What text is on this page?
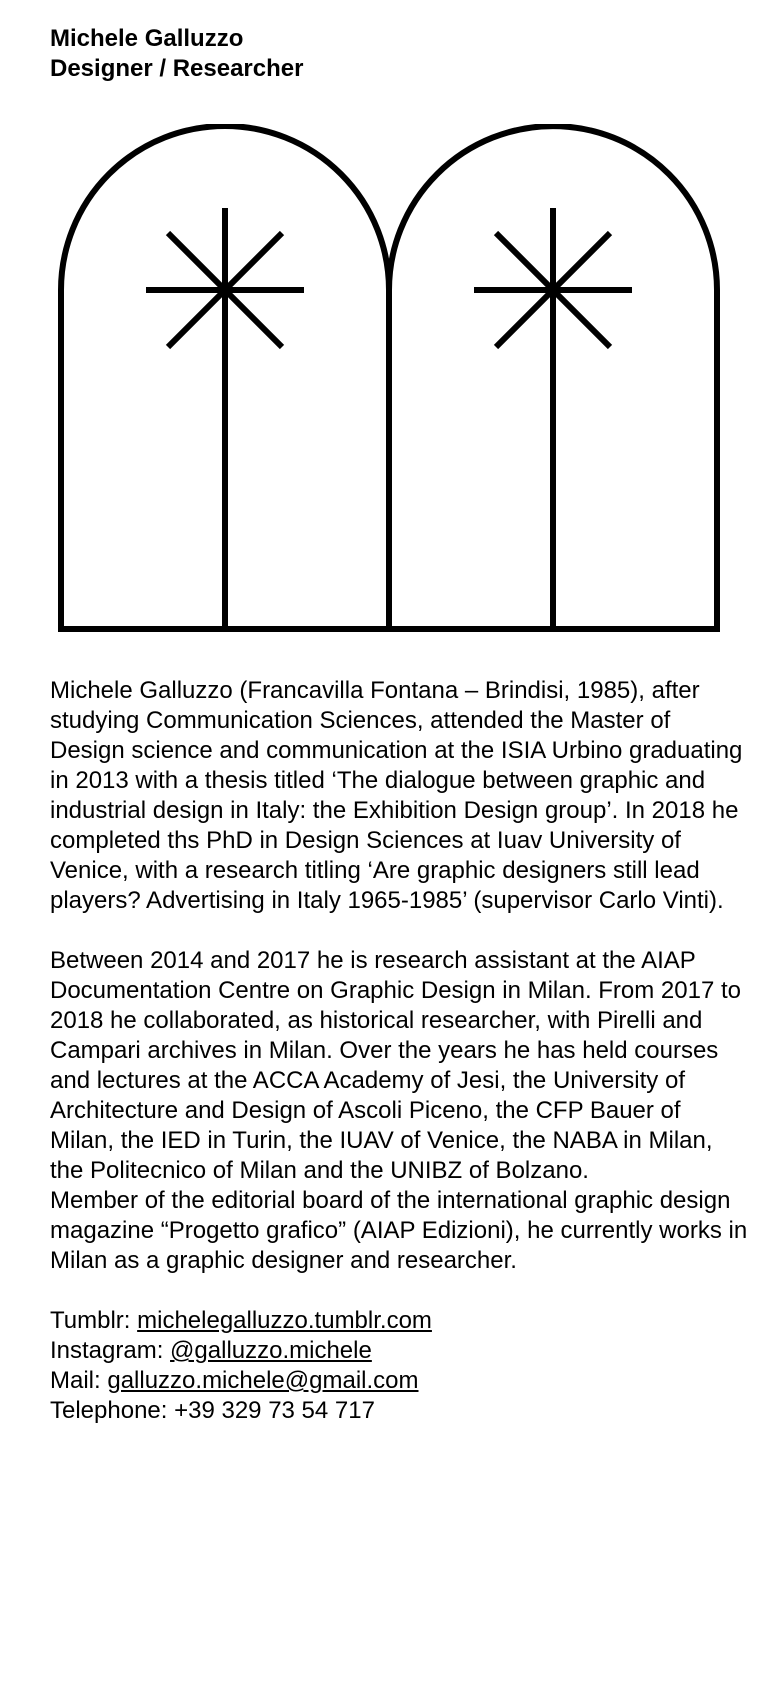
Michele Galluzzo
Designer / Researcher

Michele Galluzzo (Francavilla Fontana – Brindisi, 1985), after studying Communication Sciences, attended the Master of Design science and communication at the ISIA Urbino graduating in 2013 with a thesis titled ‘The dialogue between graphic and industrial design in Italy: the Exhibition Design group’. In 2018 he completed ths PhD in Design Sciences at Iuav University of Venice, with a research titling ‘Are graphic designers still lead players? Advertising in Italy 1965-1985’ (supervisor Carlo Vinti).

Between 2014 and 2017 he is research assistant at the AIAP Documentation Centre on Graphic Design in Milan. From 2017 to 2018 he collaborated, as historical researcher, with Pirelli and Campari archives in Milan. Over the years he has held courses and lectures at the ACCA Academy of Jesi, the University of Architecture and Design of Ascoli Piceno, the CFP Bauer of Milan, the IED in Turin, the IUAV of Venice, the NABA in Milan, the Politecnico of Milan and the UNIBZ of Bolzano.

Member of the editorial board of the international graphic design magazine “Progetto grafico” (AIAP Edizioni), he currently works in Milan as a graphic designer and researcher.

Tumblr: michelegalluzzo.tumblr.com
Instagram: @galluzzo.michele
Mail: galluzzo.michele@gmail.com
Telephone: +39 329 73 54 717
